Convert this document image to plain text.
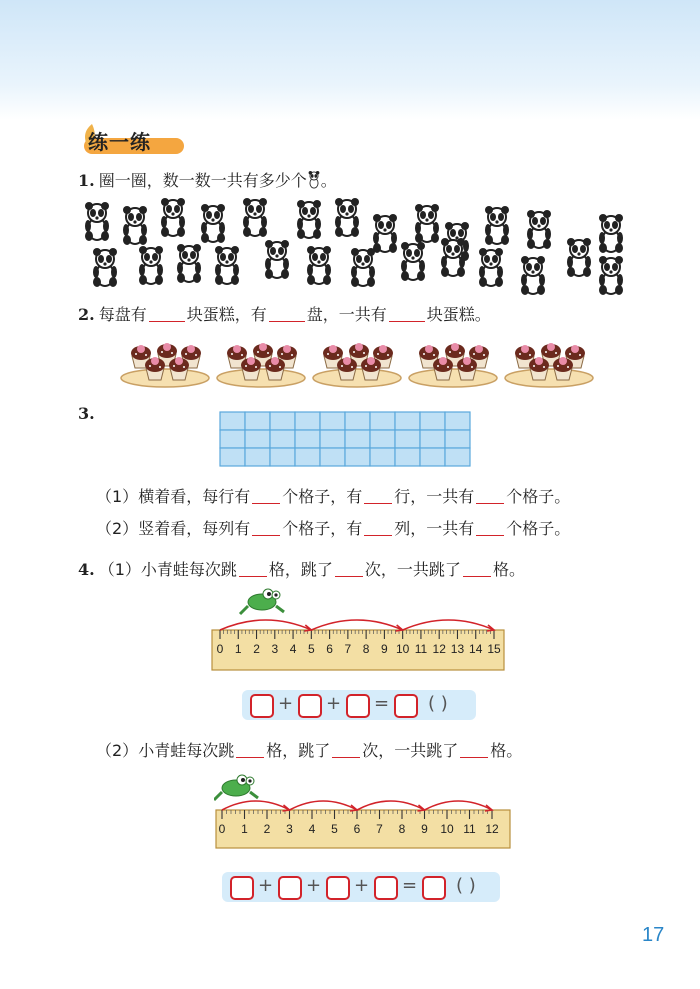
练一练
1. 圈一圈，数一数一共有多少个 。
2. 每盘有	块蛋糕，有	盘，一共有	块蛋糕。
3.
（1）横着看，每行有 个格子，有 行，一共有 个格子。
（2）竖着看，每列有 个格子，有 列，一共有 个格子。
4. （1）小青蛙每次跳 格，跳了 次，一共跳了 格。
0 1 2 3 4 5 6 7 8 9 10 11 12 13 14 15
+ + = ( )
（2）小青蛙每次跳 格，跳了 次，一共跳了 格。
0 1 2 3 4 5 6 7 8 9 10 11 12
+ + + = ( )
17
